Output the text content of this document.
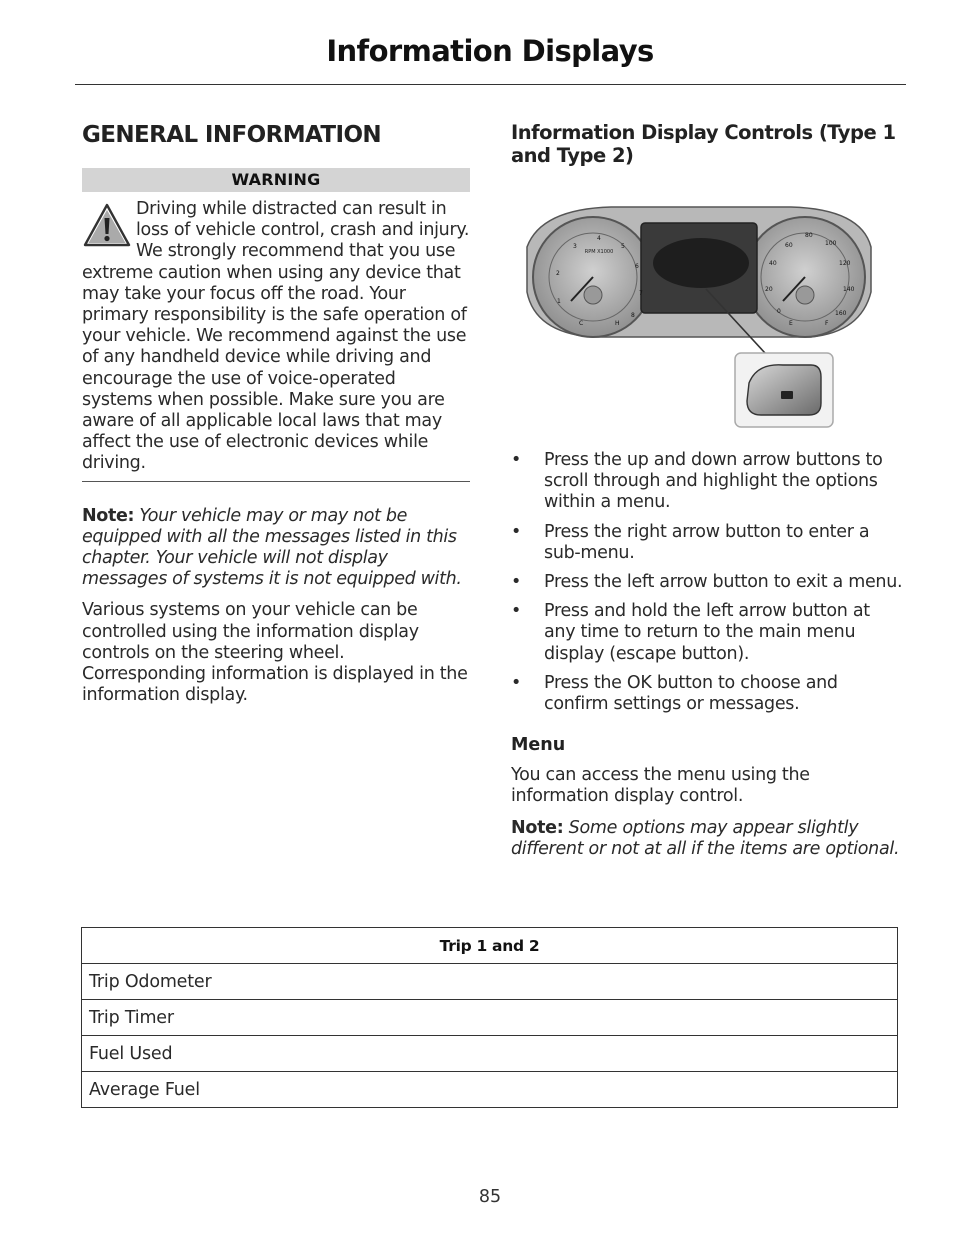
Information Displays
GENERAL INFORMATION
WARNING
Driving while distracted can result in loss of vehicle control, crash and injury. We strongly recommend that you use extreme caution when using any device that may take your focus off the road. Your primary responsibility is the safe operation of your vehicle. We recommend against the use of any handheld device while driving and encourage the use of voice-operated systems when possible. Make sure you are aware of all applicable local laws that may affect the use of electronic devices while driving.
Note: Your vehicle may or may not be equipped with all the messages listed in this chapter. Your vehicle will not display messages of systems it is not equipped with.
Various systems on your vehicle can be controlled using the information display controls on the steering wheel. Corresponding information is displayed in the information display.
Information Display Controls (Type 1 and Type 2)
RPM X1000
1
2
3
4
5
6
7
8
C	H
0
20
40
60
80
100
120
140
160
E	F
• Press the up and down arrow buttons to scroll through and highlight the options within a menu.
• Press the right arrow button to enter a sub-menu.
• Press the left arrow button to exit a menu.
• Press and hold the left arrow button at any time to return to the main menu display (escape button).
• Press the OK button to choose and confirm settings or messages.
Menu
You can access the menu using the information display control.
Note: Some options may appear slightly different or not at all if the items are optional.
Trip 1 and 2
Trip Odometer
Trip Timer
Fuel Used
Average Fuel
85
